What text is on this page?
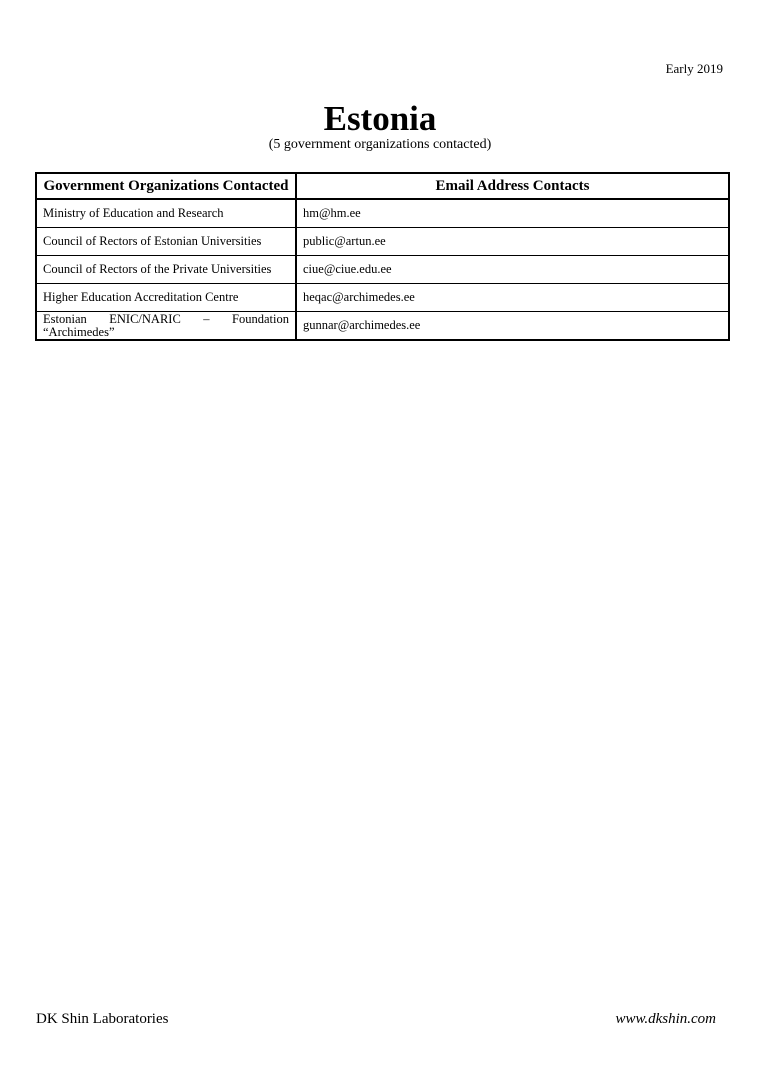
Early 2019
Estonia
(5 government organizations contacted)
Government Organizations Contacted	Email Address Contacts
Ministry of Education and Research	hm@hm.ee
Council of Rectors of Estonian Universities	public@artun.ee
Council of Rectors of the Private Universities	ciue@ciue.edu.ee
Higher Education Accreditation Centre	heqac@archimedes.ee
Estonian ENIC/NARIC – Foundation “Archimedes”	gunnar@archimedes.ee
DK Shin Laboratories	www.dkshin.com
